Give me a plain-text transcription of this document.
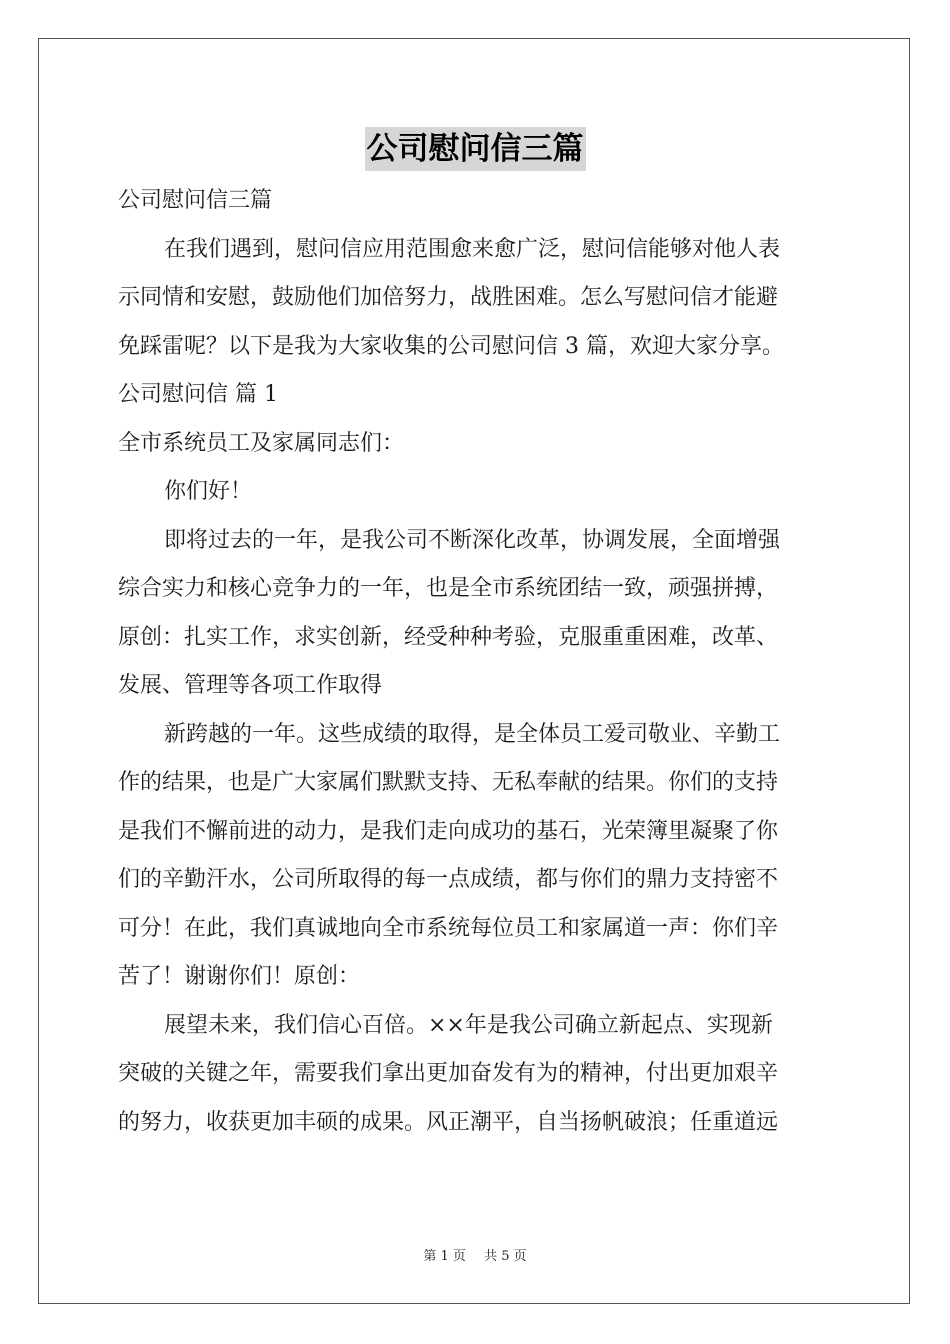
公司慰问信三篇

公司慰问信三篇

在我们遇到，慰问信应用范围愈来愈广泛，慰问信能够对他人表

示同情和安慰，鼓励他们加倍努力，战胜困难。怎么写慰问信才能避

免踩雷呢？以下是我为大家收集的公司慰问信 3 篇，欢迎大家分享。

公司慰问信 篇 1

全市系统员工及家属同志们：

你们好！

即将过去的一年，是我公司不断深化改革，协调发展，全面增强

综合实力和核心竞争力的一年，也是全市系统团结一致，顽强拼搏，

原创：扎实工作，求实创新，经受种种考验，克服重重困难，改革、

发展、管理等各项工作取得

新跨越的一年。这些成绩的取得，是全体员工爱司敬业、辛勤工

作的结果，也是广大家属们默默支持、无私奉献的结果。你们的支持

是我们不懈前进的动力，是我们走向成功的基石，光荣簿里凝聚了你

们的辛勤汗水，公司所取得的每一点成绩，都与你们的鼎力支持密不

可分！在此，我们真诚地向全市系统每位员工和家属道一声：你们辛

苦了！谢谢你们！原创：

展望未来，我们信心百倍。××年是我公司确立新起点、实现新

突破的关键之年，需要我们拿出更加奋发有为的精神，付出更加艰辛

的努力，收获更加丰硕的成果。风正潮平，自当扬帆破浪；任重道远

第 1 页 共 5 页
